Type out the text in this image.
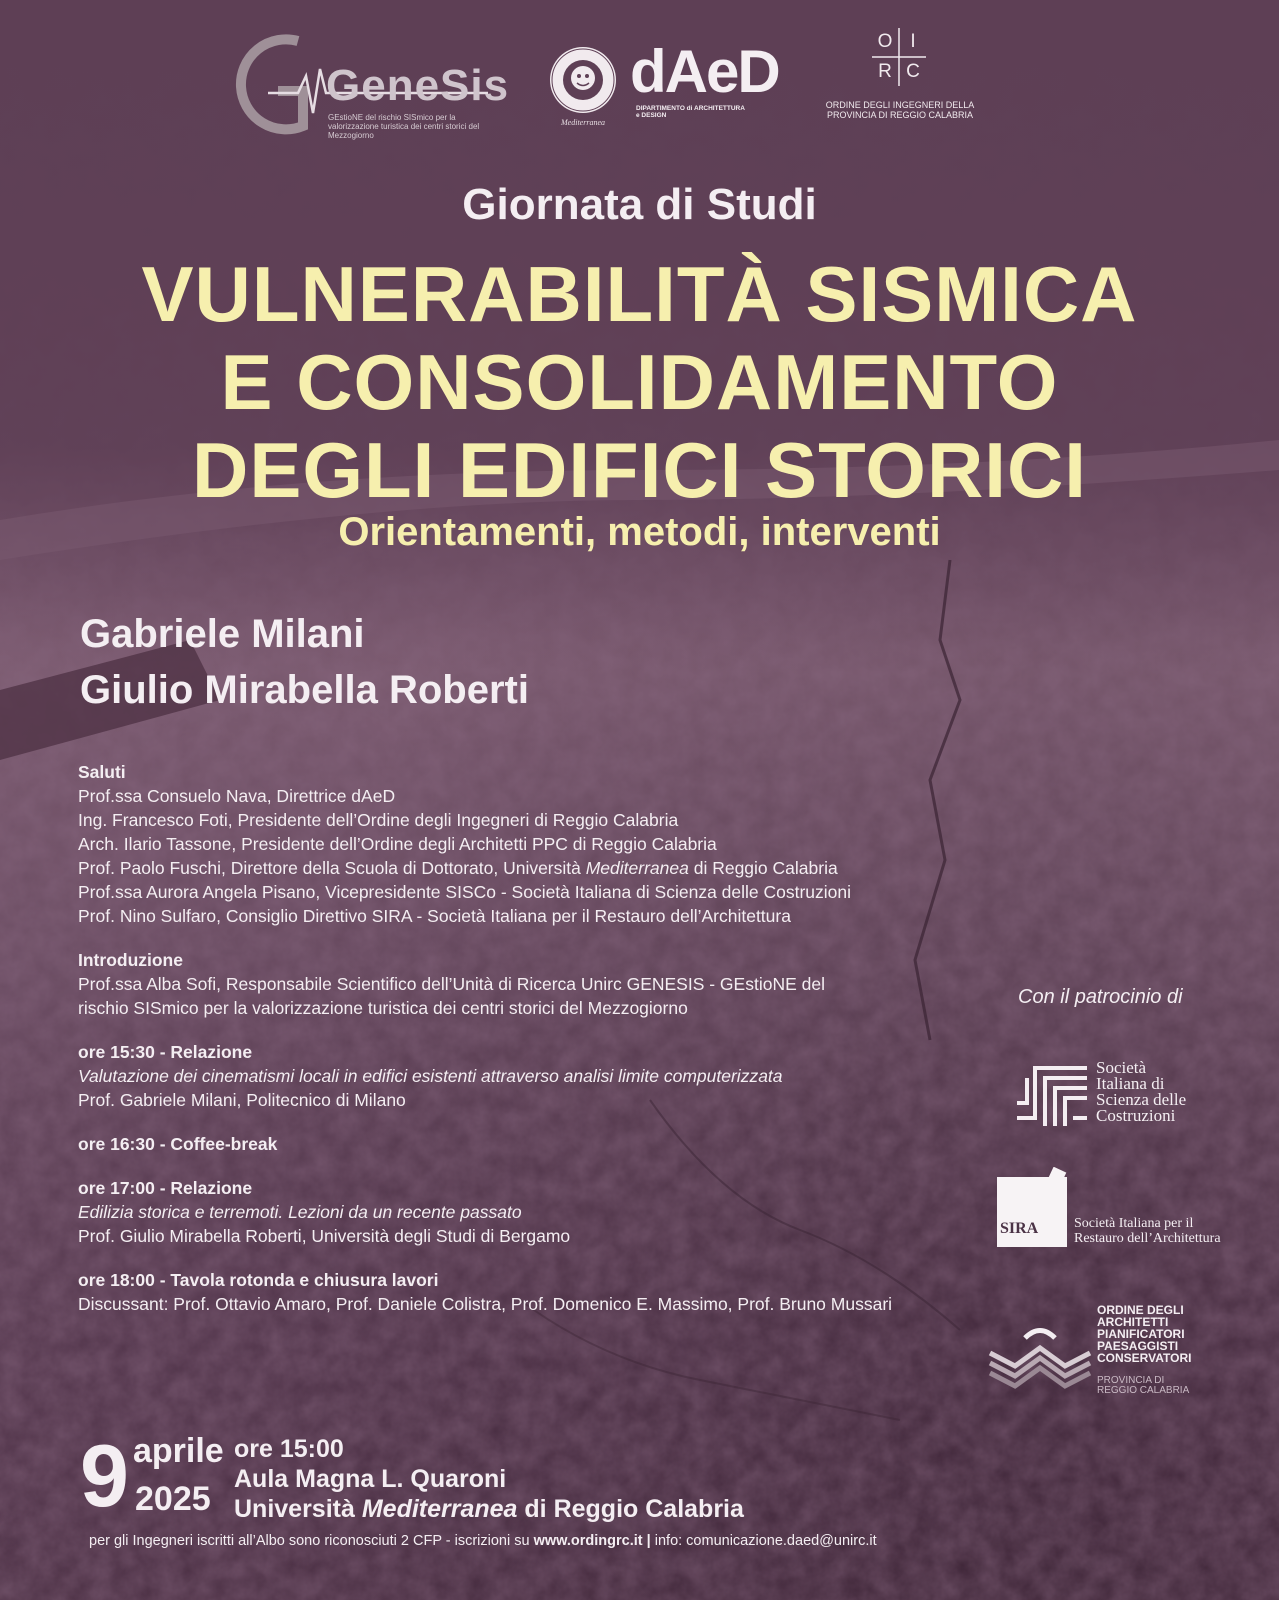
GeneSis
GEstioNE del rischio SISmico per la valorizzazione turistica dei centri storici del Mezzogiorno
Mediterranea
dAeD
DIPARTIMENTO di ARCHITETTURA e DESIGN
O I
R C
ORDINE DEGLI INGEGNERI DELLA PROVINCIA DI REGGIO CALABRIA
Giornata di Studi
VULNERABILITÀ SISMICA
E CONSOLIDAMENTO
DEGLI EDIFICI STORICI
Orientamenti, metodi, interventi
Gabriele Milani
Giulio Mirabella Roberti
Saluti
Prof.ssa Consuelo Nava, Direttrice dAeD
Ing. Francesco Foti, Presidente dell’Ordine degli Ingegneri di Reggio Calabria
Arch. Ilario Tassone, Presidente dell’Ordine degli Architetti PPC di Reggio Calabria
Prof. Paolo Fuschi, Direttore della Scuola di Dottorato, Università Mediterranea di Reggio Calabria
Prof.ssa Aurora Angela Pisano, Vicepresidente SISCo - Società Italiana di Scienza delle Costruzioni
Prof. Nino Sulfaro, Consiglio Direttivo SIRA - Società Italiana per il Restauro dell’Architettura
Introduzione
Prof.ssa Alba Sofi, Responsabile Scientifico dell’Unità di Ricerca Unirc GENESIS - GEstioNE del
rischio SISmico per la valorizzazione turistica dei centri storici del Mezzogiorno
ore 15:30 - Relazione
Valutazione dei cinematismi locali in edifici esistenti attraverso analisi limite computerizzata
Prof. Gabriele Milani, Politecnico di Milano
ore 16:30 - Coffee-break
ore 17:00 - Relazione
Edilizia storica e terremoti. Lezioni da un recente passato
Prof. Giulio Mirabella Roberti, Università degli Studi di Bergamo
ore 18:00 - Tavola rotonda e chiusura lavori
Discussant: Prof. Ottavio Amaro, Prof. Daniele Colistra, Prof. Domenico E. Massimo, Prof. Bruno Mussari
Con il patrocinio di
Società
Italiana di
Scienza delle
Costruzioni
SIRA	Società Italiana per il
Restauro dell’Architettura
ORDINE DEGLI
ARCHITETTI
PIANIFICATORI
PAESAGGISTI
CONSERVATORI
PROVINCIA DI
REGGIO CALABRIA
9 aprile
2025
ore 15:00
Aula Magna L. Quaroni
Università Mediterranea di Reggio Calabria
per gli Ingegneri iscritti all’Albo sono riconosciuti 2 CFP - iscrizioni su www.ordingrc.it | info: comunicazione.daed@unirc.it
